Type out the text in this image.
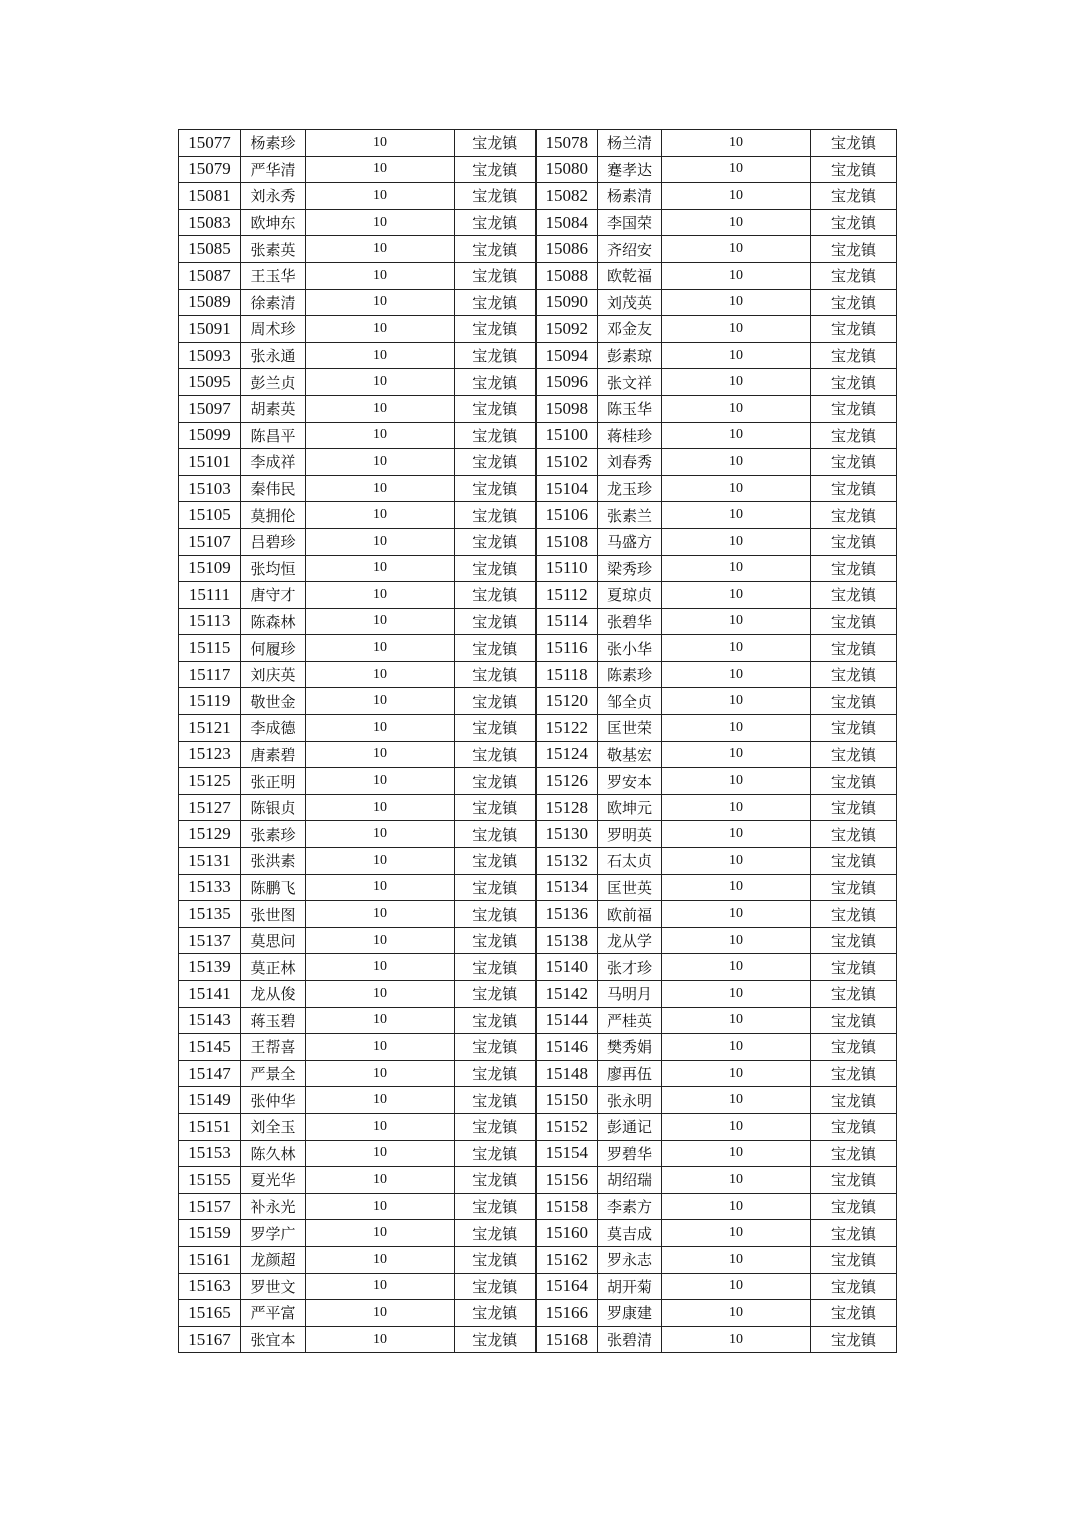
15077	杨素珍	10	宝龙镇	15078	杨兰清	10	宝龙镇
15079	严华清	10	宝龙镇	15080	蹇孝达	10	宝龙镇
15081	刘永秀	10	宝龙镇	15082	杨素清	10	宝龙镇
15083	欧坤东	10	宝龙镇	15084	李国荣	10	宝龙镇
15085	张素英	10	宝龙镇	15086	齐绍安	10	宝龙镇
15087	王玉华	10	宝龙镇	15088	欧乾福	10	宝龙镇
15089	徐素清	10	宝龙镇	15090	刘茂英	10	宝龙镇
15091	周术珍	10	宝龙镇	15092	邓金友	10	宝龙镇
15093	张永通	10	宝龙镇	15094	彭素琼	10	宝龙镇
15095	彭兰贞	10	宝龙镇	15096	张文祥	10	宝龙镇
15097	胡素英	10	宝龙镇	15098	陈玉华	10	宝龙镇
15099	陈昌平	10	宝龙镇	15100	蒋桂珍	10	宝龙镇
15101	李成祥	10	宝龙镇	15102	刘春秀	10	宝龙镇
15103	秦伟民	10	宝龙镇	15104	龙玉珍	10	宝龙镇
15105	莫拥伦	10	宝龙镇	15106	张素兰	10	宝龙镇
15107	吕碧珍	10	宝龙镇	15108	马盛方	10	宝龙镇
15109	张均恒	10	宝龙镇	15110	梁秀珍	10	宝龙镇
15111	唐守才	10	宝龙镇	15112	夏琼贞	10	宝龙镇
15113	陈森林	10	宝龙镇	15114	张碧华	10	宝龙镇
15115	何履珍	10	宝龙镇	15116	张小华	10	宝龙镇
15117	刘庆英	10	宝龙镇	15118	陈素珍	10	宝龙镇
15119	敬世金	10	宝龙镇	15120	邹全贞	10	宝龙镇
15121	李成德	10	宝龙镇	15122	匡世荣	10	宝龙镇
15123	唐素碧	10	宝龙镇	15124	敬基宏	10	宝龙镇
15125	张正明	10	宝龙镇	15126	罗安本	10	宝龙镇
15127	陈银贞	10	宝龙镇	15128	欧坤元	10	宝龙镇
15129	张素珍	10	宝龙镇	15130	罗明英	10	宝龙镇
15131	张洪素	10	宝龙镇	15132	石太贞	10	宝龙镇
15133	陈鹏飞	10	宝龙镇	15134	匡世英	10	宝龙镇
15135	张世图	10	宝龙镇	15136	欧前福	10	宝龙镇
15137	莫思问	10	宝龙镇	15138	龙从学	10	宝龙镇
15139	莫正林	10	宝龙镇	15140	张才珍	10	宝龙镇
15141	龙从俊	10	宝龙镇	15142	马明月	10	宝龙镇
15143	蒋玉碧	10	宝龙镇	15144	严桂英	10	宝龙镇
15145	王帮喜	10	宝龙镇	15146	樊秀娟	10	宝龙镇
15147	严景全	10	宝龙镇	15148	廖再伍	10	宝龙镇
15149	张仲华	10	宝龙镇	15150	张永明	10	宝龙镇
15151	刘全玉	10	宝龙镇	15152	彭通记	10	宝龙镇
15153	陈久林	10	宝龙镇	15154	罗碧华	10	宝龙镇
15155	夏光华	10	宝龙镇	15156	胡绍瑞	10	宝龙镇
15157	补永光	10	宝龙镇	15158	李素方	10	宝龙镇
15159	罗学广	10	宝龙镇	15160	莫吉成	10	宝龙镇
15161	龙颜超	10	宝龙镇	15162	罗永志	10	宝龙镇
15163	罗世文	10	宝龙镇	15164	胡开菊	10	宝龙镇
15165	严平富	10	宝龙镇	15166	罗康建	10	宝龙镇
15167	张宜本	10	宝龙镇	15168	张碧清	10	宝龙镇
